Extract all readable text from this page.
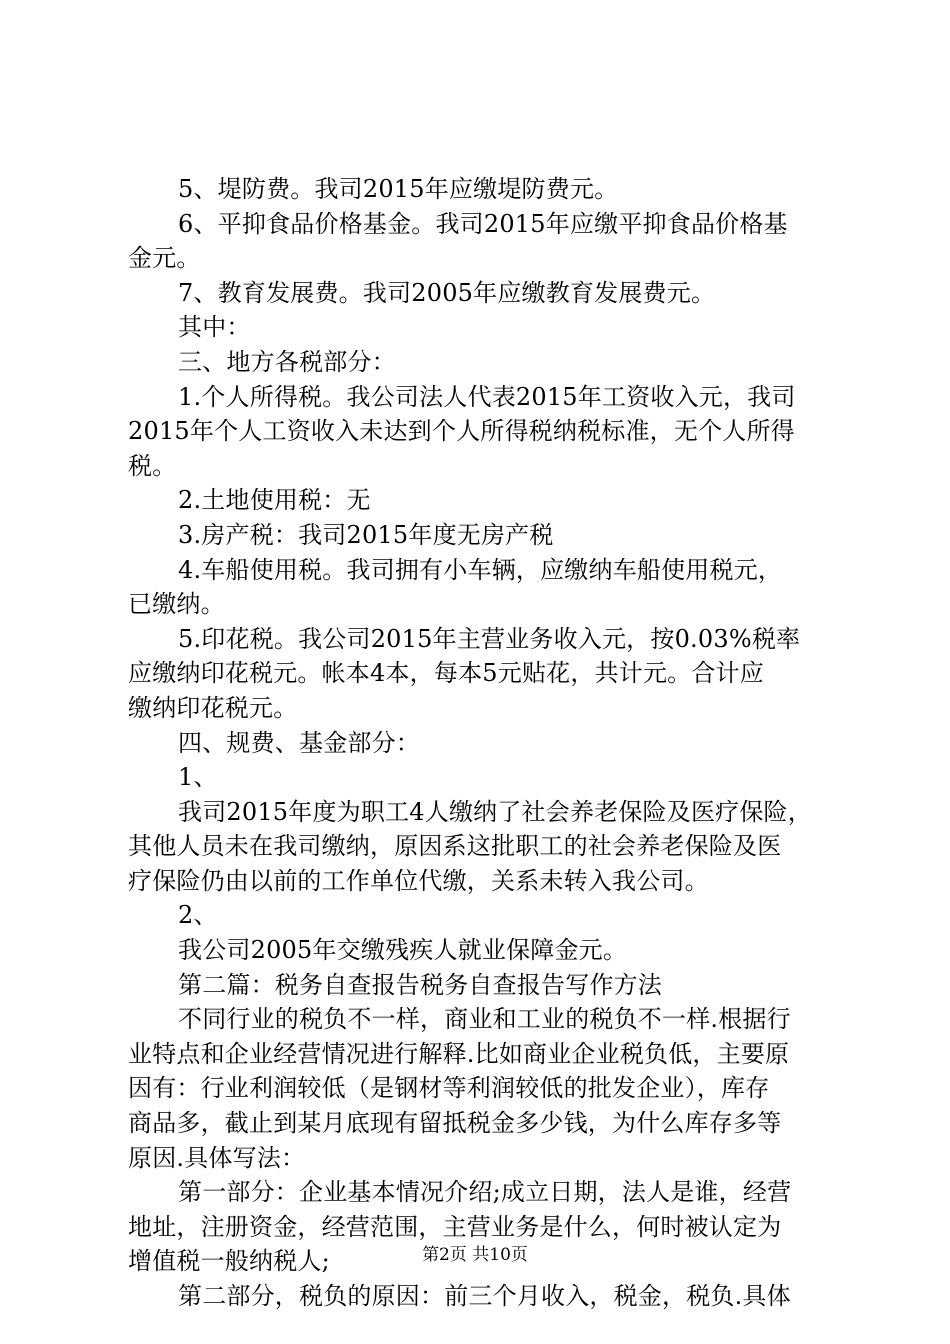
5、堤防费。我司2015年应缴堤防费元。
6、平抑食品价格基金。我司2015年应缴平抑食品价格基
金元。
7、教育发展费。我司2005年应缴教育发展费元。
其中：
三、地方各税部分：
1.个人所得税。我公司法人代表2015年工资收入元，我司
2015年个人工资收入未达到个人所得税纳税标准，无个人所得
税。
2.土地使用税：无
3.房产税：我司2015年度无房产税
4.车船使用税。我司拥有小车辆，应缴纳车船使用税元，
已缴纳。
5.印花税。我公司2015年主营业务收入元，按0.03%税率
应缴纳印花税元。帐本4本，每本5元贴花，共计元。合计应
缴纳印花税元。
四、规费、基金部分：
1、
我司2015年度为职工4人缴纳了社会养老保险及医疗保险，
其他人员未在我司缴纳，原因系这批职工的社会养老保险及医
疗保险仍由以前的工作单位代缴，关系未转入我公司。
2、
我公司2005年交缴残疾人就业保障金元。
第二篇：税务自查报告税务自查报告写作方法
不同行业的税负不一样，商业和工业的税负不一样.根据行
业特点和企业经营情况进行解释.比如商业企业税负低，主要原
因有：行业利润较低（是钢材等利润较低的批发企业），库存
商品多，截止到某月底现有留抵税金多少钱，为什么库存多等
原因.具体写法：
第一部分：企业基本情况介绍;成立日期，法人是谁，经营
地址，注册资金，经营范围，主营业务是什么，何时被认定为
增值税一般纳税人;
第二部分，税负的原因：前三个月收入，税金，税负.具体
第2页 共10页
